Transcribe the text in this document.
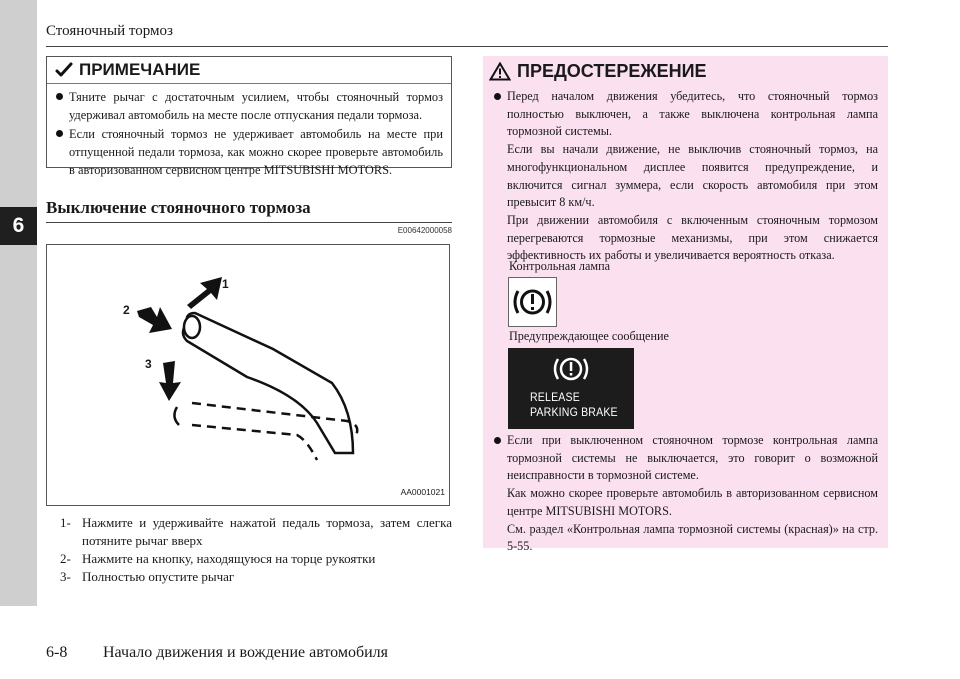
6
Стояночный тормоз
ПРИМЕЧАНИЕ
Тяните рычаг с достаточным усилием, чтобы стояночный тормоз удерживал автомобиль на месте после отпускания педали тормоза.
Если стояночный тормоз не удерживает автомобиль на месте при отпущенной педали тормоза, как можно скорее проверьте автомобиль в авторизованном сервисном центре MITSUBISHI MOTORS.
Выключение стояночного тормоза
E00642000058
1
2
3
AA0001021
1- Нажмите и удерживайте нажатой педаль тормоза, затем слегка потяните рычаг вверх
2- Нажмите на кнопку, находящуюся на торце рукоятки
3- Полностью опустите рычаг
ПРЕДОСТЕРЕЖЕНИЕ
Перед началом движения убедитесь, что стояночный тормоз полностью выключен, а также выключена контрольная лампа тормозной системы.
Если вы начали движение, не выключив стояночный тормоз, на многофункциональном дисплее появится предупреждение, и включится сигнал зуммера, если скорость автомобиля при этом превысит 8 км/ч.
При движении автомобиля с включенным стояночным тормозом перегреваются тормозные механизмы, при этом снижается эффективность их работы и увеличивается вероятность отказа.
Если при выключенном стояночном тормозе контрольная лампа тормозной системы не выключается, это говорит о возможной неисправности в тормозной системе.
Как можно скорее проверьте автомобиль в авторизованном сервисном центре MITSUBISHI MOTORS.
См. раздел «Контрольная лампа тормозной системы (красная)» на стр. 5-55.
Контрольная лампа
Предупреждающее сообщение
RELEASE
PARKING BRAKE
6-8 Начало движения и вождение автомобиля
